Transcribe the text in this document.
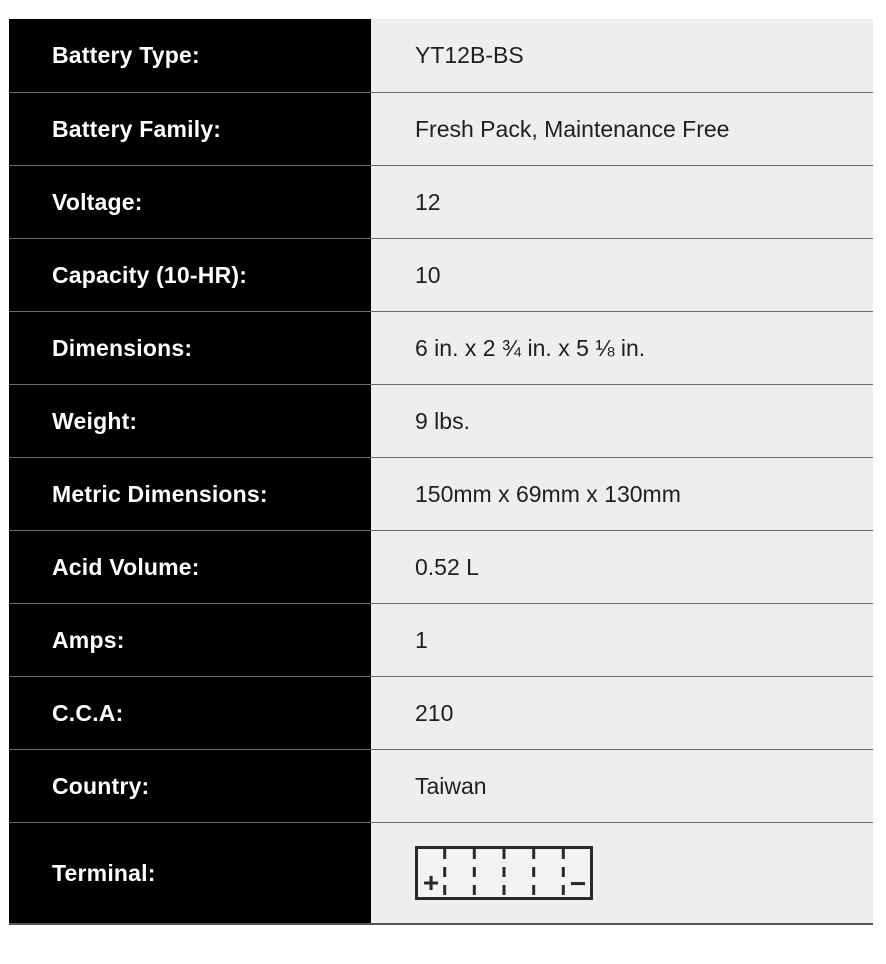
Battery Type:	YT12B-BS
Battery Family:	Fresh Pack, Maintenance Free
Voltage:	12
Capacity (10-HR):	10
Dimensions:	6 in. x 2 ¾ in. x 5 ⅛ in.
Weight:	9 lbs.
Metric Dimensions:	150mm x 69mm x 130mm
Acid Volume:	0.52 L
Amps:	1
C.C.A:	210
Country:	Taiwan
Terminal:	+	−
